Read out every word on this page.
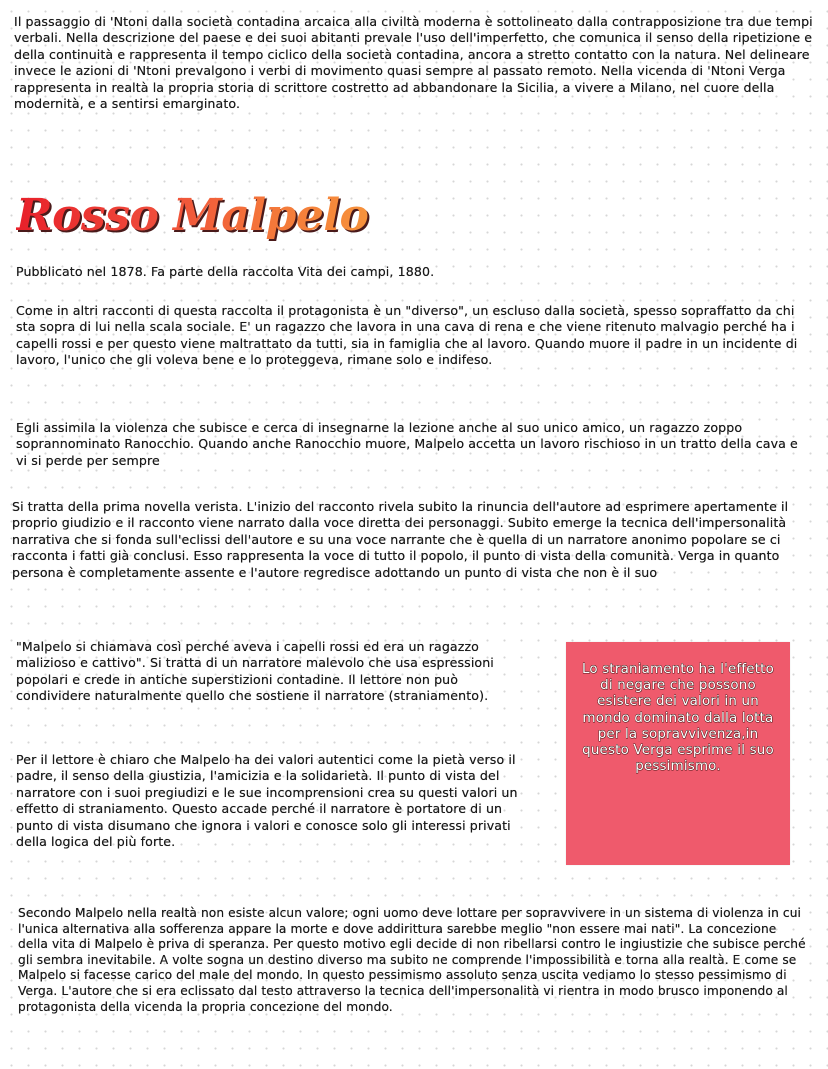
Il passaggio di 'Ntoni dalla società contadina arcaica alla civiltà moderna è sottolineato dalla contrapposizione tra due tempi verbali. Nella descrizione del paese e dei suoi abitanti prevale l'uso dell'imperfetto, che comunica il senso della ripetizione e della continuità e rappresenta il tempo ciclico della società contadina, ancora a stretto contatto con la natura. Nel delineare invece le azioni di 'Ntoni prevalgono i verbi di movimento quasi sempre al passato remoto. Nella vicenda di 'Ntoni Verga rappresenta in realtà la propria storia di scrittore costretto ad abbandonare la Sicilia, a vivere a Milano, nel cuore della modernità, e a sentirsi emarginato.

Rosso Malpelo

Pubblicato nel 1878. Fa parte della raccolta Vita dei campi, 1880.

Come in altri racconti di questa raccolta il protagonista è un "diverso", un escluso dalla società, spesso sopraffatto da chi sta sopra di lui nella scala sociale. E' un ragazzo che lavora in una cava di rena e che viene ritenuto malvagio perché ha i capelli rossi e per questo viene maltrattato da tutti, sia in famiglia che al lavoro. Quando muore il padre in un incidente di lavoro, l'unico che gli voleva bene e lo proteggeva, rimane solo e indifeso.

Egli assimila la violenza che subisce e cerca di insegnarne la lezione anche al suo unico amico, un ragazzo zoppo soprannominato Ranocchio. Quando anche Ranocchio muore, Malpelo accetta un lavoro rischioso in un tratto della cava e vi si perde per sempre

Si tratta della prima novella verista. L'inizio del racconto rivela subito la rinuncia dell'autore ad esprimere apertamente il proprio giudizio e il racconto viene narrato dalla voce diretta dei personaggi. Subito emerge la tecnica dell'impersonalità narrativa che si fonda sull'eclissi dell'autore e su una voce narrante che è quella di un narratore anonimo popolare se ci racconta i fatti già conclusi. Esso rappresenta la voce di tutto il popolo, il punto di vista della comunità. Verga in quanto persona è completamente assente e l'autore regredisce adottando un punto di vista che non è il suo

"Malpelo si chiamava così perché aveva i capelli rossi ed era un ragazzo malizioso e cattivo". Si tratta di un narratore malevolo che usa espressioni popolari e crede in antiche superstizioni contadine. Il lettore non può condividere naturalmente quello che sostiene il narratore (straniamento).

Per il lettore è chiaro che Malpelo ha dei valori autentici come la pietà verso il padre, il senso della giustizia, l'amicizia e la solidarietà. Il punto di vista del narratore con i suoi pregiudizi e le sue incomprensioni crea su questi valori un effetto di straniamento. Questo accade perché il narratore è portatore di un punto di vista disumano che ignora i valori e conosce solo gli interessi privati della logica del più forte.

Lo straniamento ha l'effetto di negare che possono esistere dei valori in un mondo dominato dalla lotta per la sopravvivenza,in questo Verga esprime il suo pessimismo.

Secondo Malpelo nella realtà non esiste alcun valore; ogni uomo deve lottare per sopravvivere in un sistema di violenza in cui l'unica alternativa alla sofferenza appare la morte e dove addirittura sarebbe meglio "non essere mai nati". La concezione della vita di Malpelo è priva di speranza. Per questo motivo egli decide di non ribellarsi contro le ingiustizie che subisce perché gli sembra inevitabile. A volte sogna un destino diverso ma subito ne comprende l'impossibilità e torna alla realtà. E come se Malpelo si facesse carico del male del mondo. In questo pessimismo assoluto senza uscita vediamo lo stesso pessimismo di Verga. L'autore che si era eclissato dal testo attraverso la tecnica dell'impersonalità vi rientra in modo brusco imponendo al protagonista della vicenda la propria concezione del mondo.
